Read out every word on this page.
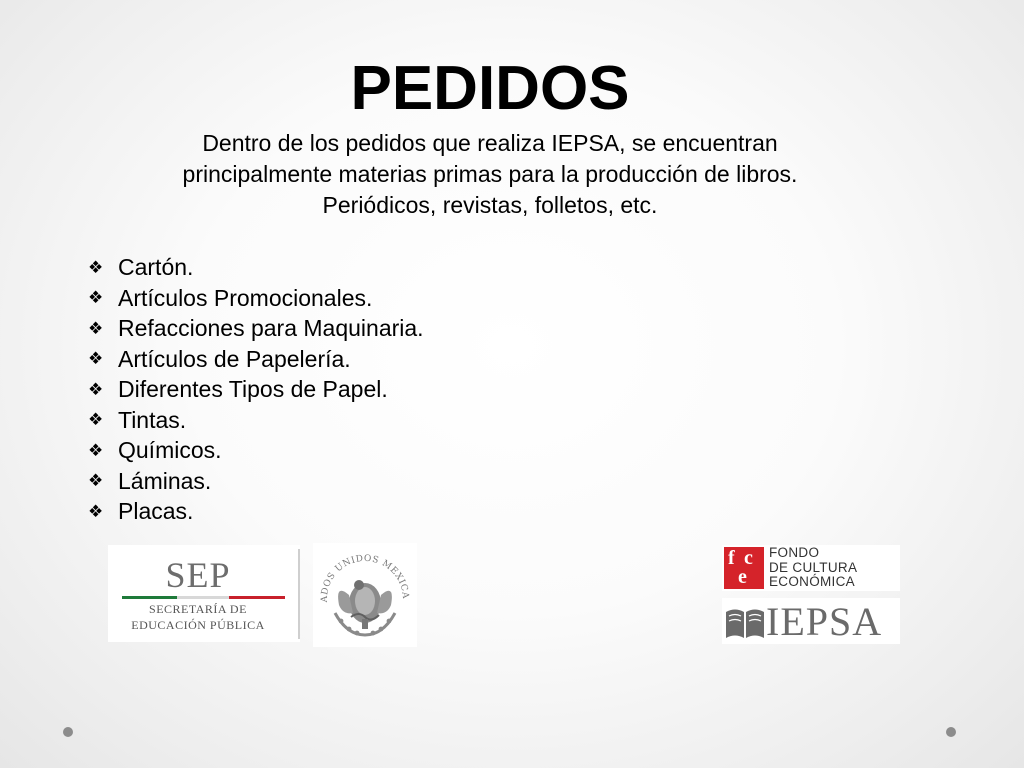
PEDIDOS
Dentro de los pedidos que realiza IEPSA, se encuentran
principalmente materias primas para la producción de libros.
Periódicos, revistas, folletos, etc.
❖ Cartón.
❖ Artículos Promocionales.
❖ Refacciones para Maquinaria.
❖ Artículos de Papelería.
❖ Diferentes Tipos de Papel.
❖ Tintas.
❖ Químicos.
❖ Láminas.
❖ Placas.
SEP
SECRETARÍA DE
EDUCACIÓN PÚBLICA
ADOS UNIDOS MEXICA
f c
e
FONDO
DE CULTURA
ECONÓMICA
IEPSA
